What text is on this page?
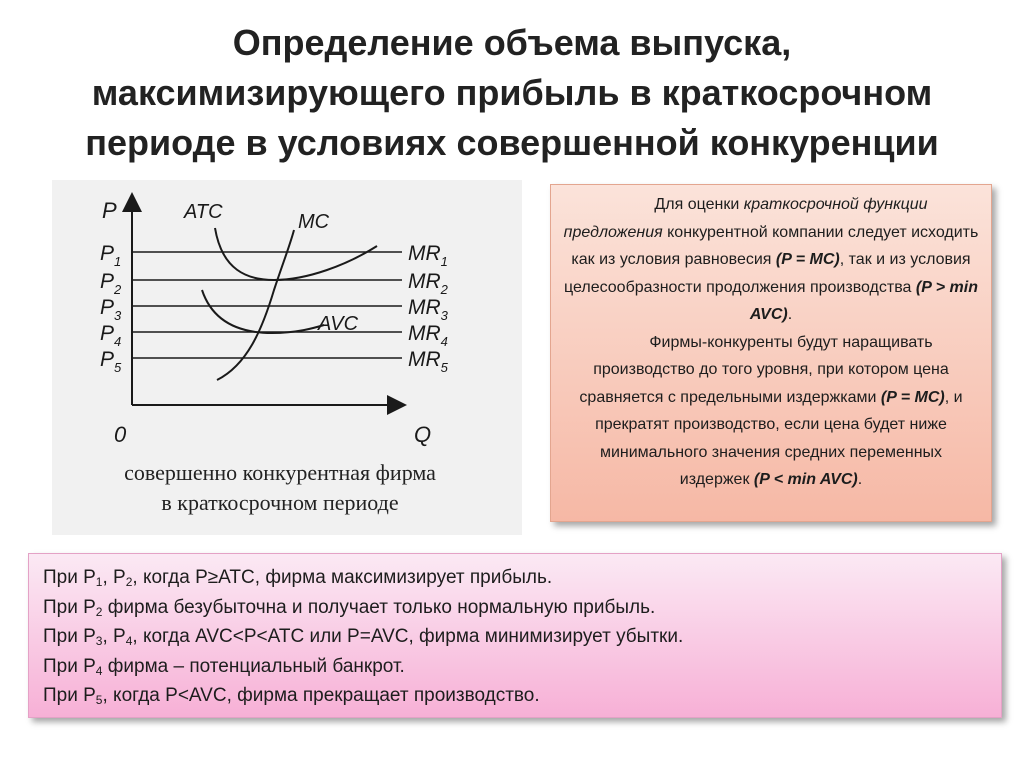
Определение объема выпуска,
максимизирующего прибыль в краткосрочном
периоде в условиях совершенной конкуренции
P
Q
0
ATC	MC
AVC
$P_1$
$P_2$
$P_3$
$P_4$
$P_5$
$MR_1$
$MR_2$
$MR_3$
$MR_4$
$MR_5$
совершенно конкурентная фирма
в краткосрочном периоде

Для оценки краткосрочной функции предложения конкурентной компании следует исходить как из условия равновесия (P = MC), так и из условия целесообразности продолжения производства (P > min AVC).

Фирмы-конкуренты будут наращивать производство до того уровня, при котором цена сравняется с предельными издержками (P = MC), и прекратят производство, если цена будет ниже минимального значения средних переменных издержек (P < min AVC).

При $P_1$, $P_2$, когда P≥ATC, фирма максимизирует прибыль.
При $P_2$ фирма безубыточна и получает только нормальную прибыль.
При $P_3$, $P_4$, когда AVC<P<ATC или P=AVC, фирма минимизирует убытки.
При $P_4$ фирма – потенциальный банкрот.
При $P_5$, когда P<AVC, фирма прекращает производство.
